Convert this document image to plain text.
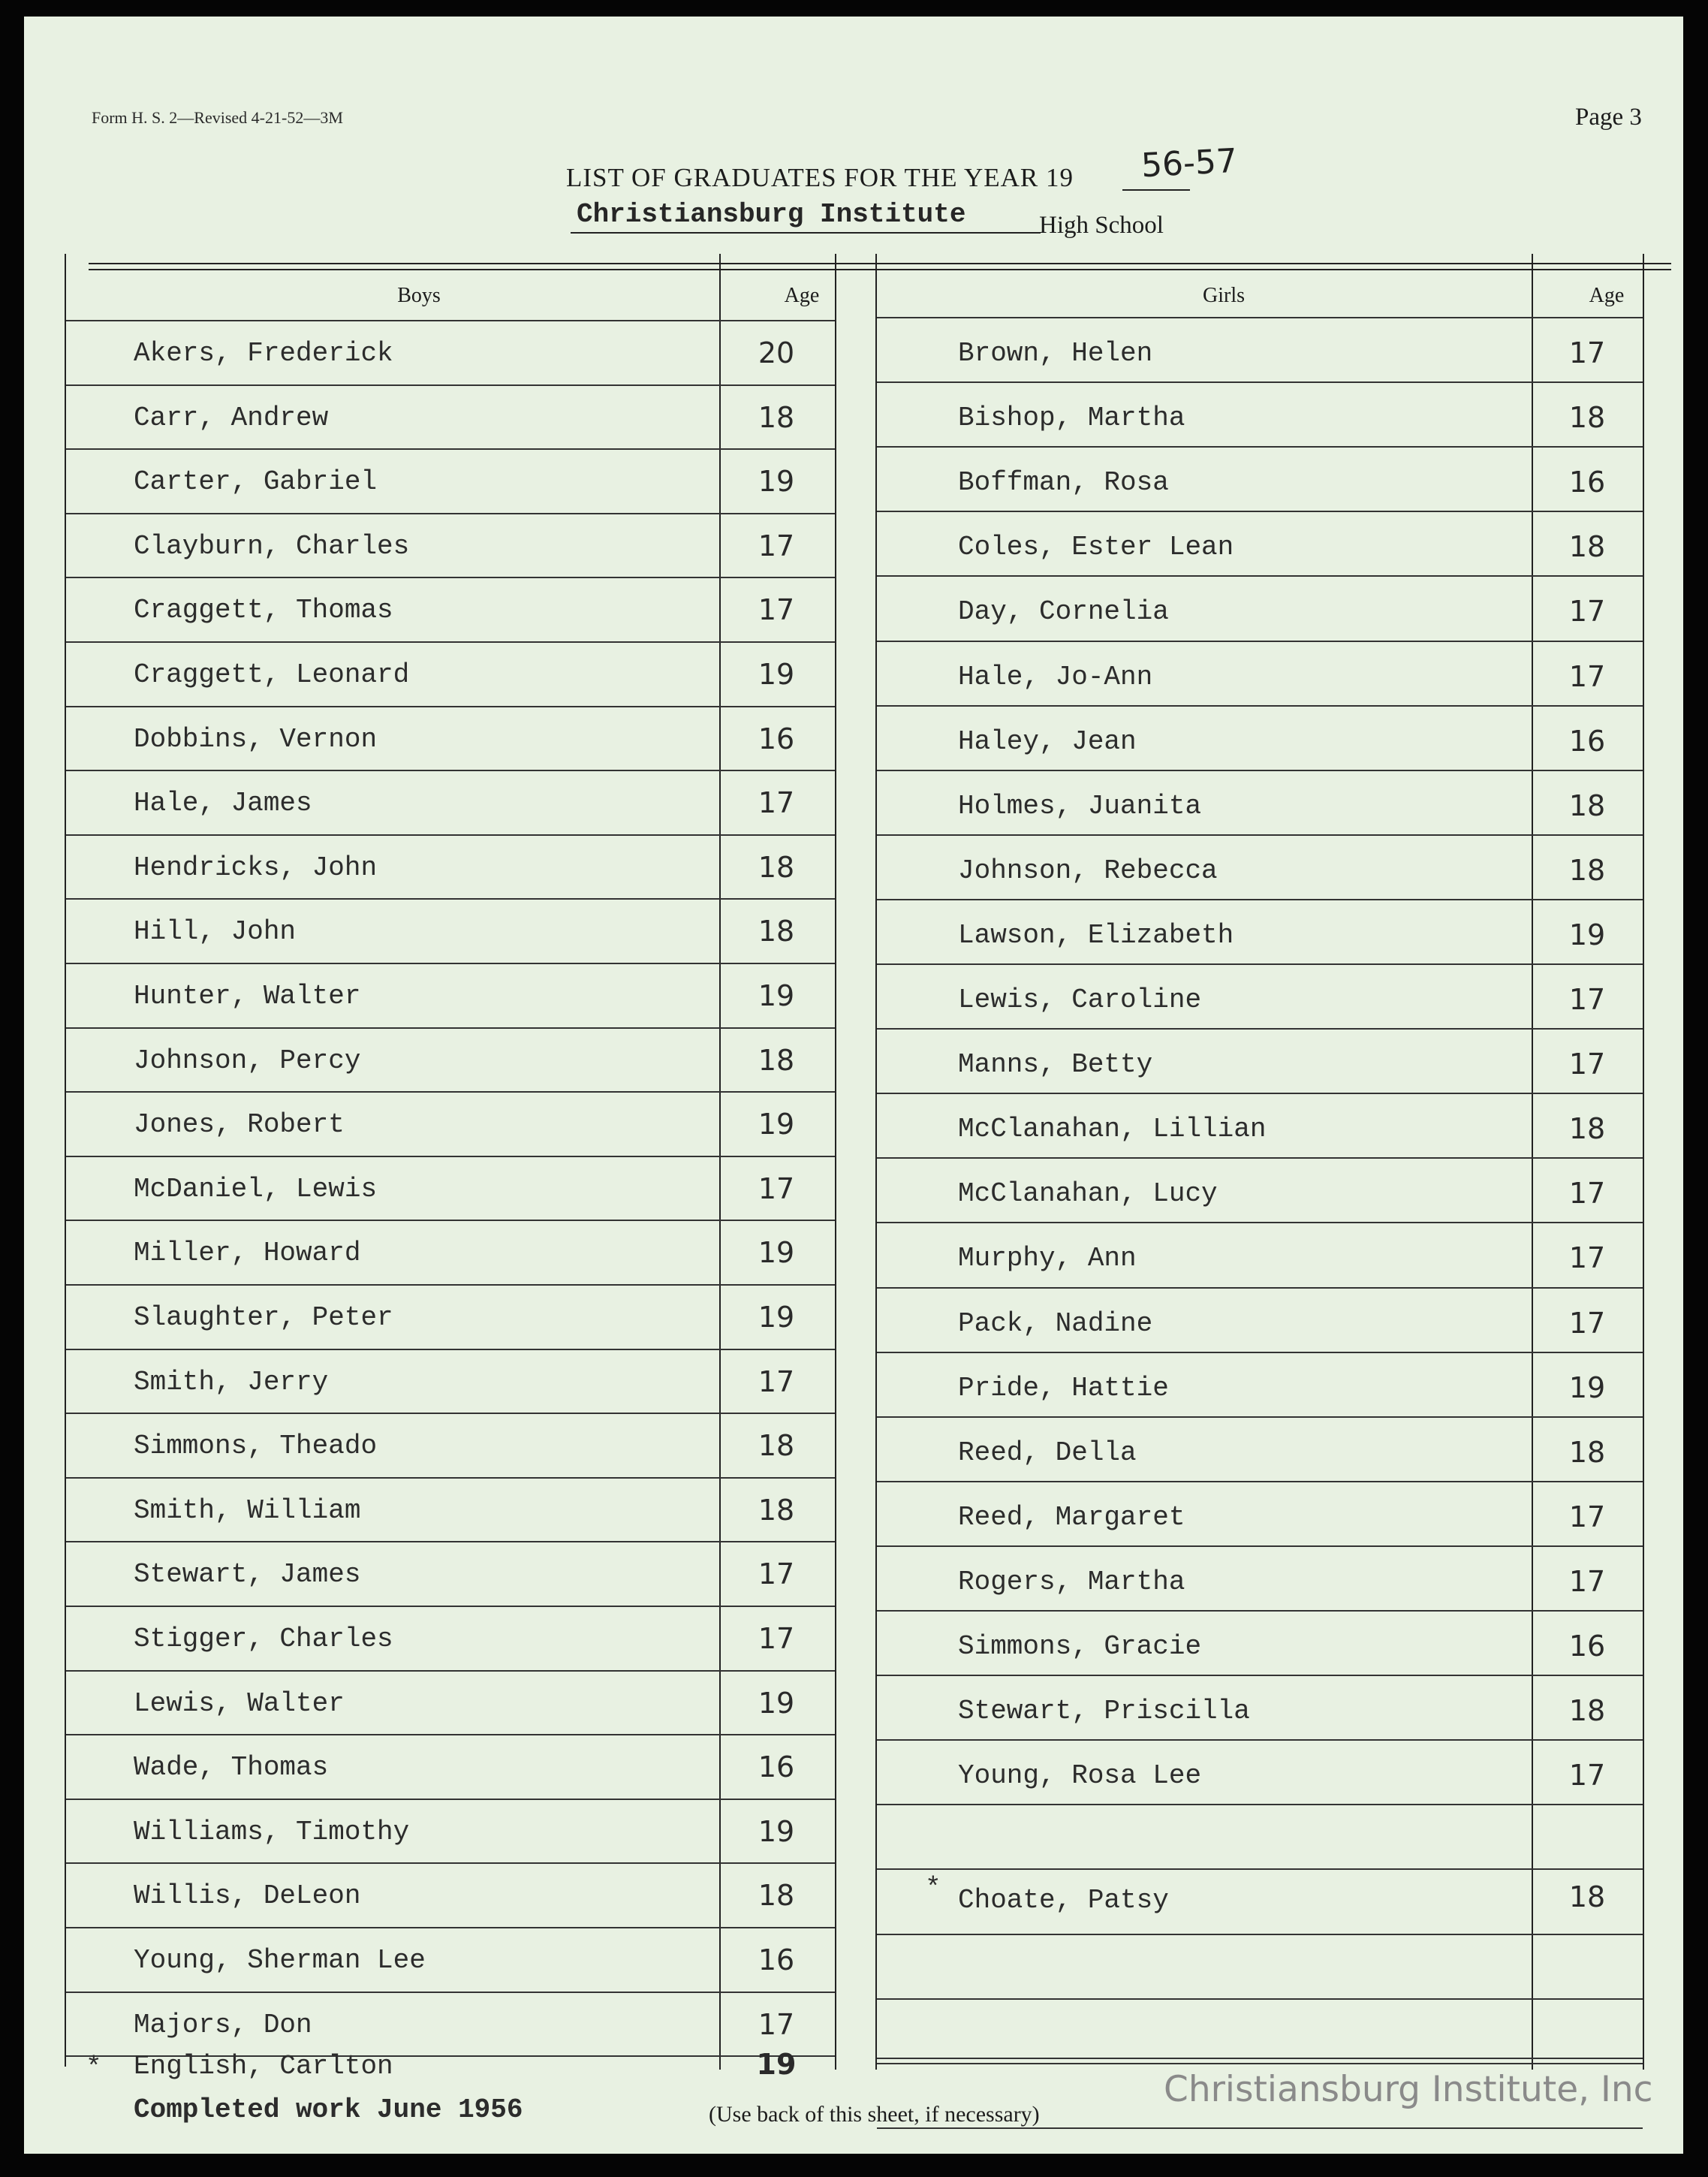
Form H. S. 2—Revised 4-21-52—3M	Page 3
LIST OF GRADUATES FOR THE YEAR 19 56-57
Christiansburg Institute	High School
Boys	Age	Girls	Age
Akers, Frederick	20
Carr, Andrew	18
Carter, Gabriel	19
Clayburn, Charles	17
Craggett, Thomas	17
Craggett, Leonard	19
Dobbins, Vernon	16
Hale, James	17
Hendricks, John	18
Hill, John	18
Hunter, Walter	19
Johnson, Percy	18
Jones, Robert	19
McDaniel, Lewis	17
Miller, Howard	19
Slaughter, Peter	19
Smith, Jerry	17
Simmons, Theado	18
Smith, William	18
Stewart, James	17
Stigger, Charles	17
Lewis, Walter	19
Wade, Thomas	16
Williams, Timothy	19
Willis, DeLeon	18
Young, Sherman Lee	16
Majors, Don	17
* English, Carlton	19
Completed work June 1956
Brown, Helen	17
Bishop, Martha	18
Boffman, Rosa	16
Coles, Ester Lean	18
Day, Cornelia	17
Hale, Jo-Ann	17
Haley, Jean	16
Holmes, Juanita	18
Johnson, Rebecca	18
Lawson, Elizabeth	19
Lewis, Caroline	17
Manns, Betty	17
McClanahan, Lillian	18
McClanahan, Lucy	17
Murphy, Ann	17
Pack, Nadine	17
Pride, Hattie	19
Reed, Della	18
Reed, Margaret	17
Rogers, Martha	17
Simmons, Gracie	16
Stewart, Priscilla	18
Young, Rosa Lee	17
* Choate, Patsy	18
(Use back of this sheet, if necessary)
Christiansburg Institute, Inc
